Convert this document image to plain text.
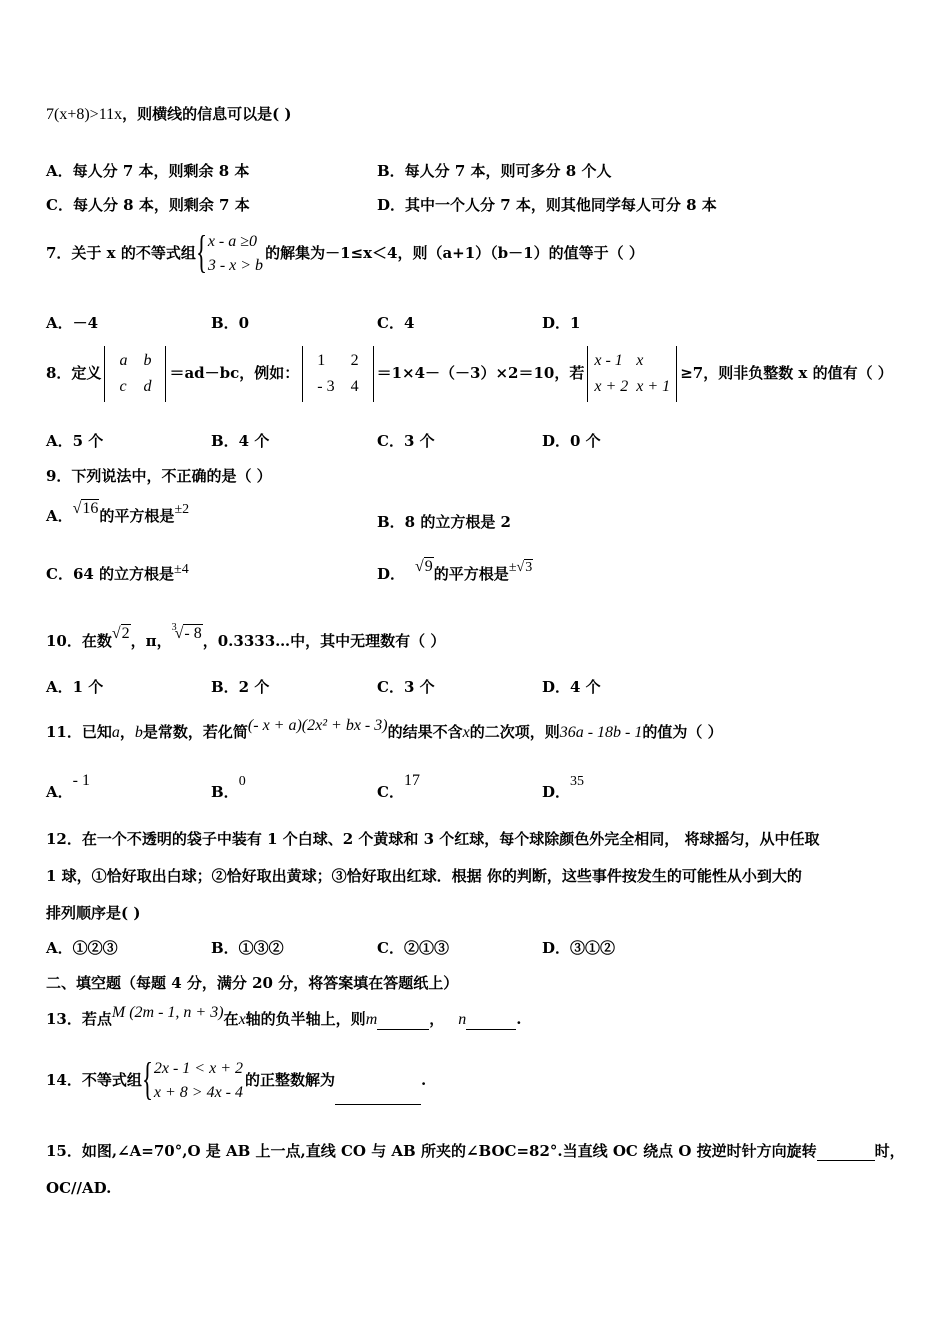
7(x+8)>11x，则横线的信息可以是( )
A．每人分 7 本，则剩余 8 本	B．每人分 7 本，则可多分 8 个人
C．每人分 8 本，则剩余 7 本	D．其中一个人分 7 本，则其他同学每人可分 8 本
7．关于 x 的不等式组
{ x - a ≥0
3 - x > b
的解集为－1≤x＜4，则（a+1）（b－1）的值等于（ ）
A．－4	B．0	C．4	D．1
8．定义
a	b
c	d
＝ad－bc，例如：
1	2
- 3	4
＝1×4－（－3）×2＝10，若
x - 1	x
x + 2	x + 1
≥7，则非负整数 x 的值有（ ）
A．5 个	B．4 个	C．3 个	D．0 个
9．下列说法中，不正确的是（ ）
A．√16的平方根是±2
B．8 的立方根是 2
C．64 的立方根是±4	D． √9的平方根是±√3
10．在数√2，π，$^3$√- 8，0.3333…中，其中无理数有（ ）
A．1 个	B．2 个	C．3 个	D．4 个
11．已知a，b是常数，若化简(- x + a)(2x² + bx - 3)的结果不含x的二次项，则36a - 18b - 1的值为（ ）
A．- 1
B．0
C．17
D．35
12．在一个不透明的袋子中装有 1 个白球、2 个黄球和 3 个红球，每个球除颜色外完全相同， 将球摇匀，从中任取
1 球，①恰好取出白球；②恰好取出黄球；③恰好取出红球．根据 你的判断，这些事件按发生的可能性从小到大的
排列顺序是( )
A．①②③	B．①③②	C．②①③	D．③①②
二、填空题（每题 4 分，满分 20 分，将答案填在答题纸上）
13．若点M (2m - 1, n + 3)在x轴的负半轴上，则m	， n	.
14．不等式组
{ 2x - 1 < x + 2
x + 8 > 4x - 4
的正整数解为	.
15．如图,∠A=70°,O 是 AB 上一点,直线 CO 与 AB 所夹的∠BOC=82°.当直线 OC 绕点 O 按逆时针方向旋转	时，
OC//AD.
